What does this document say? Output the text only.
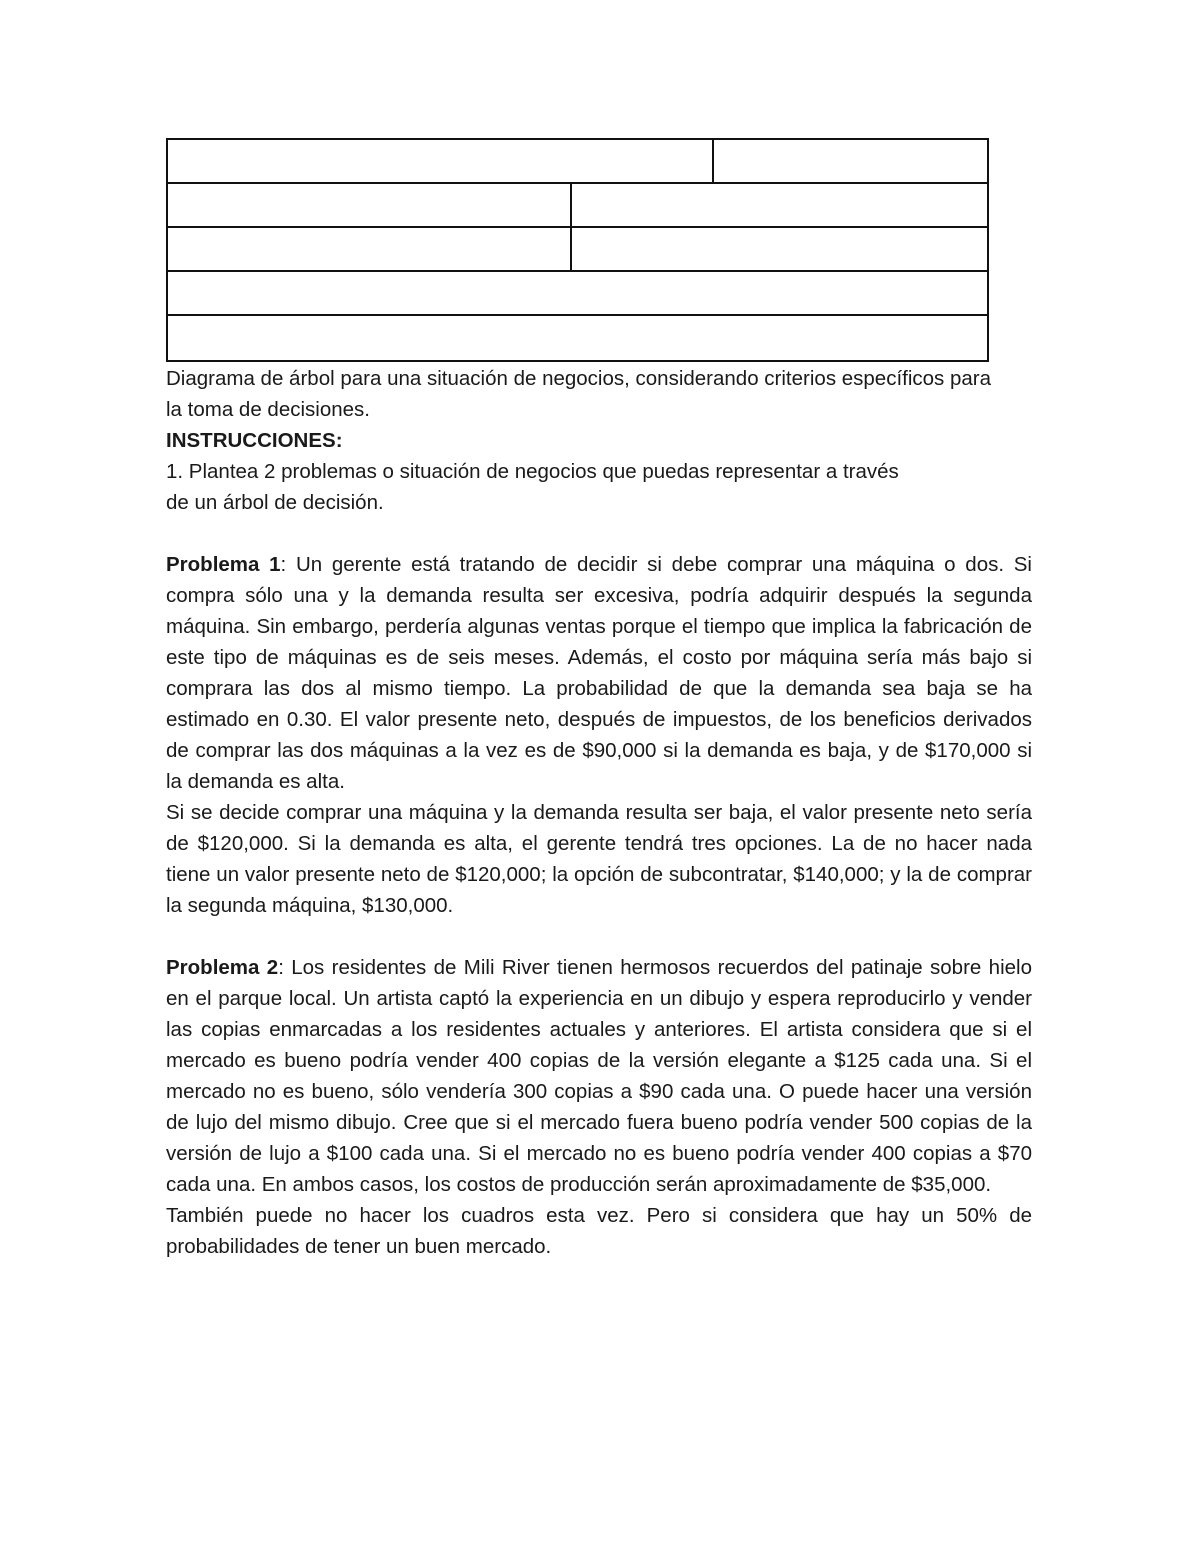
Diagrama de árbol para una situación de negocios, considerando criterios específicos para

la toma de decisiones.

INSTRUCCIONES:

1. Plantea 2 problemas o situación de negocios que puedas representar a través

de un árbol de decisión.

Problema 1: Un gerente está tratando de decidir si debe comprar una máquina o dos. Si compra sólo una y la demanda resulta ser excesiva, podría adquirir después la segunda máquina. Sin embargo, perdería algunas ventas porque el tiempo que implica la fabricación de este tipo de máquinas es de seis meses. Además, el costo por máquina sería más bajo si comprara las dos al mismo tiempo. La probabilidad de que la demanda sea baja se ha estimado en 0.30. El valor presente neto, después de impuestos, de los beneficios derivados de comprar las dos máquinas a la vez es de $90,000 si la demanda es baja, y de $170,000 si la demanda es alta.

Si se decide comprar una máquina y la demanda resulta ser baja, el valor presente neto sería de $120,000. Si la demanda es alta, el gerente tendrá tres opciones. La de no hacer nada tiene un valor presente neto de $120,000; la opción de subcontratar, $140,000; y la de comprar la segunda máquina, $130,000.

Problema 2: Los residentes de Mili River tienen hermosos recuerdos del patinaje sobre hielo en el parque local. Un artista captó la experiencia en un dibujo y espera reproducirlo y vender las copias enmarcadas a los residentes actuales y anteriores. El artista considera que si el mercado es bueno podría vender 400 copias de la versión elegante a $125 cada una. Si el mercado no es bueno, sólo vendería 300 copias a $90 cada una. O puede hacer una versión de lujo del mismo dibujo. Cree que si el mercado fuera bueno podría vender 500 copias de la versión de lujo a $100 cada una. Si el mercado no es bueno podría vender 400 copias a $70 cada una. En ambos casos, los costos de producción serán aproximadamente de $35,000.

También puede no hacer los cuadros esta vez. Pero si considera que hay un 50% de probabilidades de tener un buen mercado.
